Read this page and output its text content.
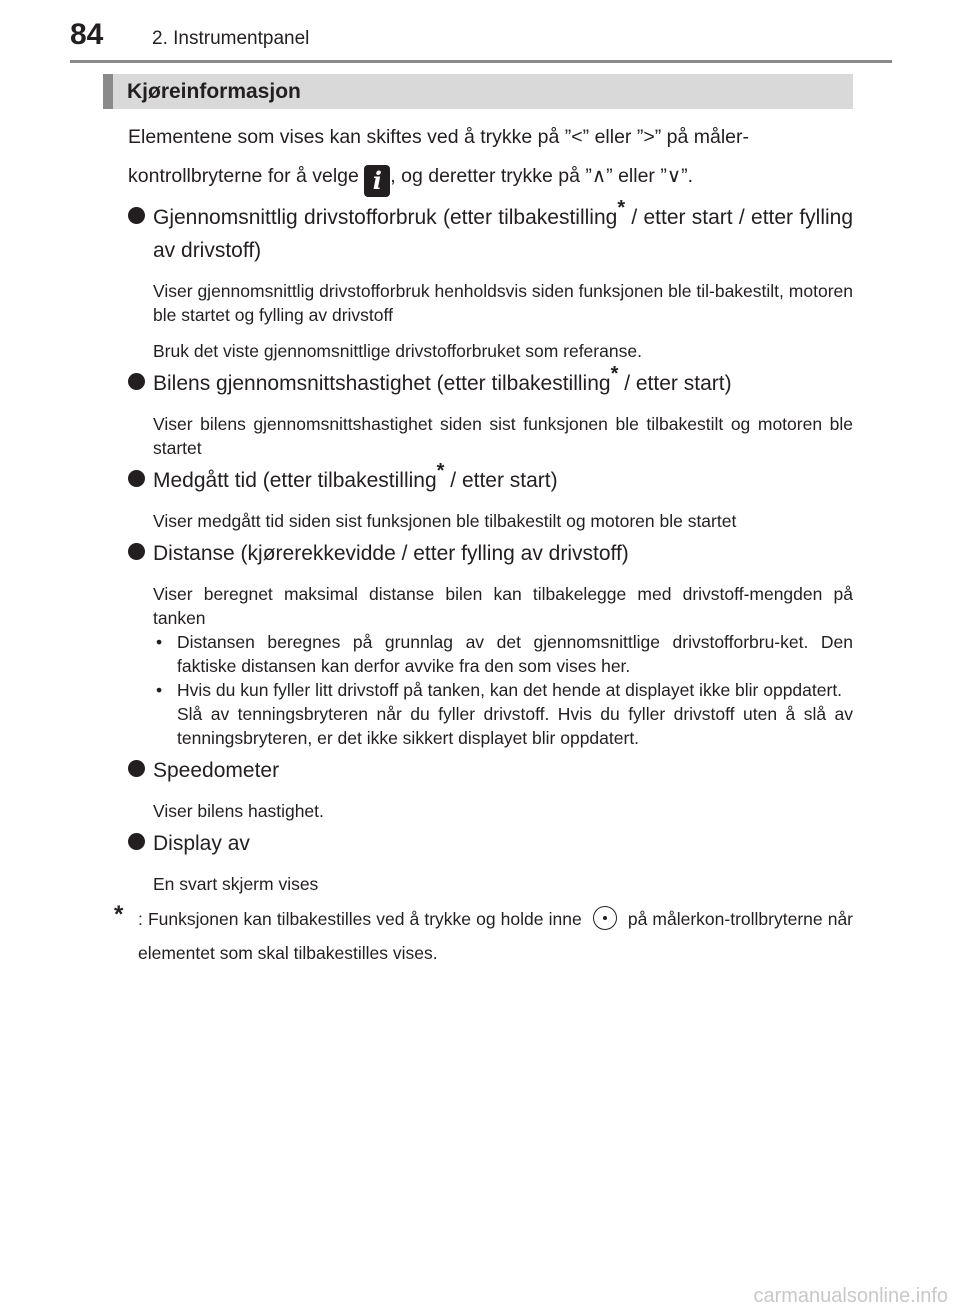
84	2. Instrumentpanel
Kjøreinformasjon

Elementene som vises kan skiftes ved å trykke på ”<” eller ”>” på måler-
kontrollbryterne for å velge i , og deretter trykke på ”∧” eller ”∨”.

Gjennomsnittlig drivstofforbruk (etter tilbakestilling* / etter start / etter fylling av drivstoff)
Viser gjennomsnittlig drivstofforbruk henholdsvis siden funksjonen ble til-bakestilt, motoren ble startet og fylling av drivstoff
Bruk det viste gjennomsnittlige drivstofforbruket som referanse.
Bilens gjennomsnittshastighet (etter tilbakestilling* / etter start)
Viser bilens gjennomsnittshastighet siden sist funksjonen ble tilbakestilt og motoren ble startet
Medgått tid (etter tilbakestilling* / etter start)
Viser medgått tid siden sist funksjonen ble tilbakestilt og motoren ble startet
Distanse (kjørerekkevidde / etter fylling av drivstoff)
Viser beregnet maksimal distanse bilen kan tilbakelegge med drivstoff-mengden på tanken
• Distansen beregnes på grunnlag av det gjennomsnittlige drivstofforbru-ket. Den faktiske distansen kan derfor avvike fra den som vises her.
• Hvis du kun fyller litt drivstoff på tanken, kan det hende at displayet ikke blir oppdatert.
Slå av tenningsbryteren når du fyller drivstoff. Hvis du fyller drivstoff uten å slå av tenningsbryteren, er det ikke sikkert displayet blir oppdatert.
Speedometer
Viser bilens hastighet.
Display av
En svart skjerm vises
* : Funksjonen kan tilbakestilles ved å trykke og holde inne  på målerkon-trollbryterne når elementet som skal tilbakestilles vises.
carmanualsonline.info
